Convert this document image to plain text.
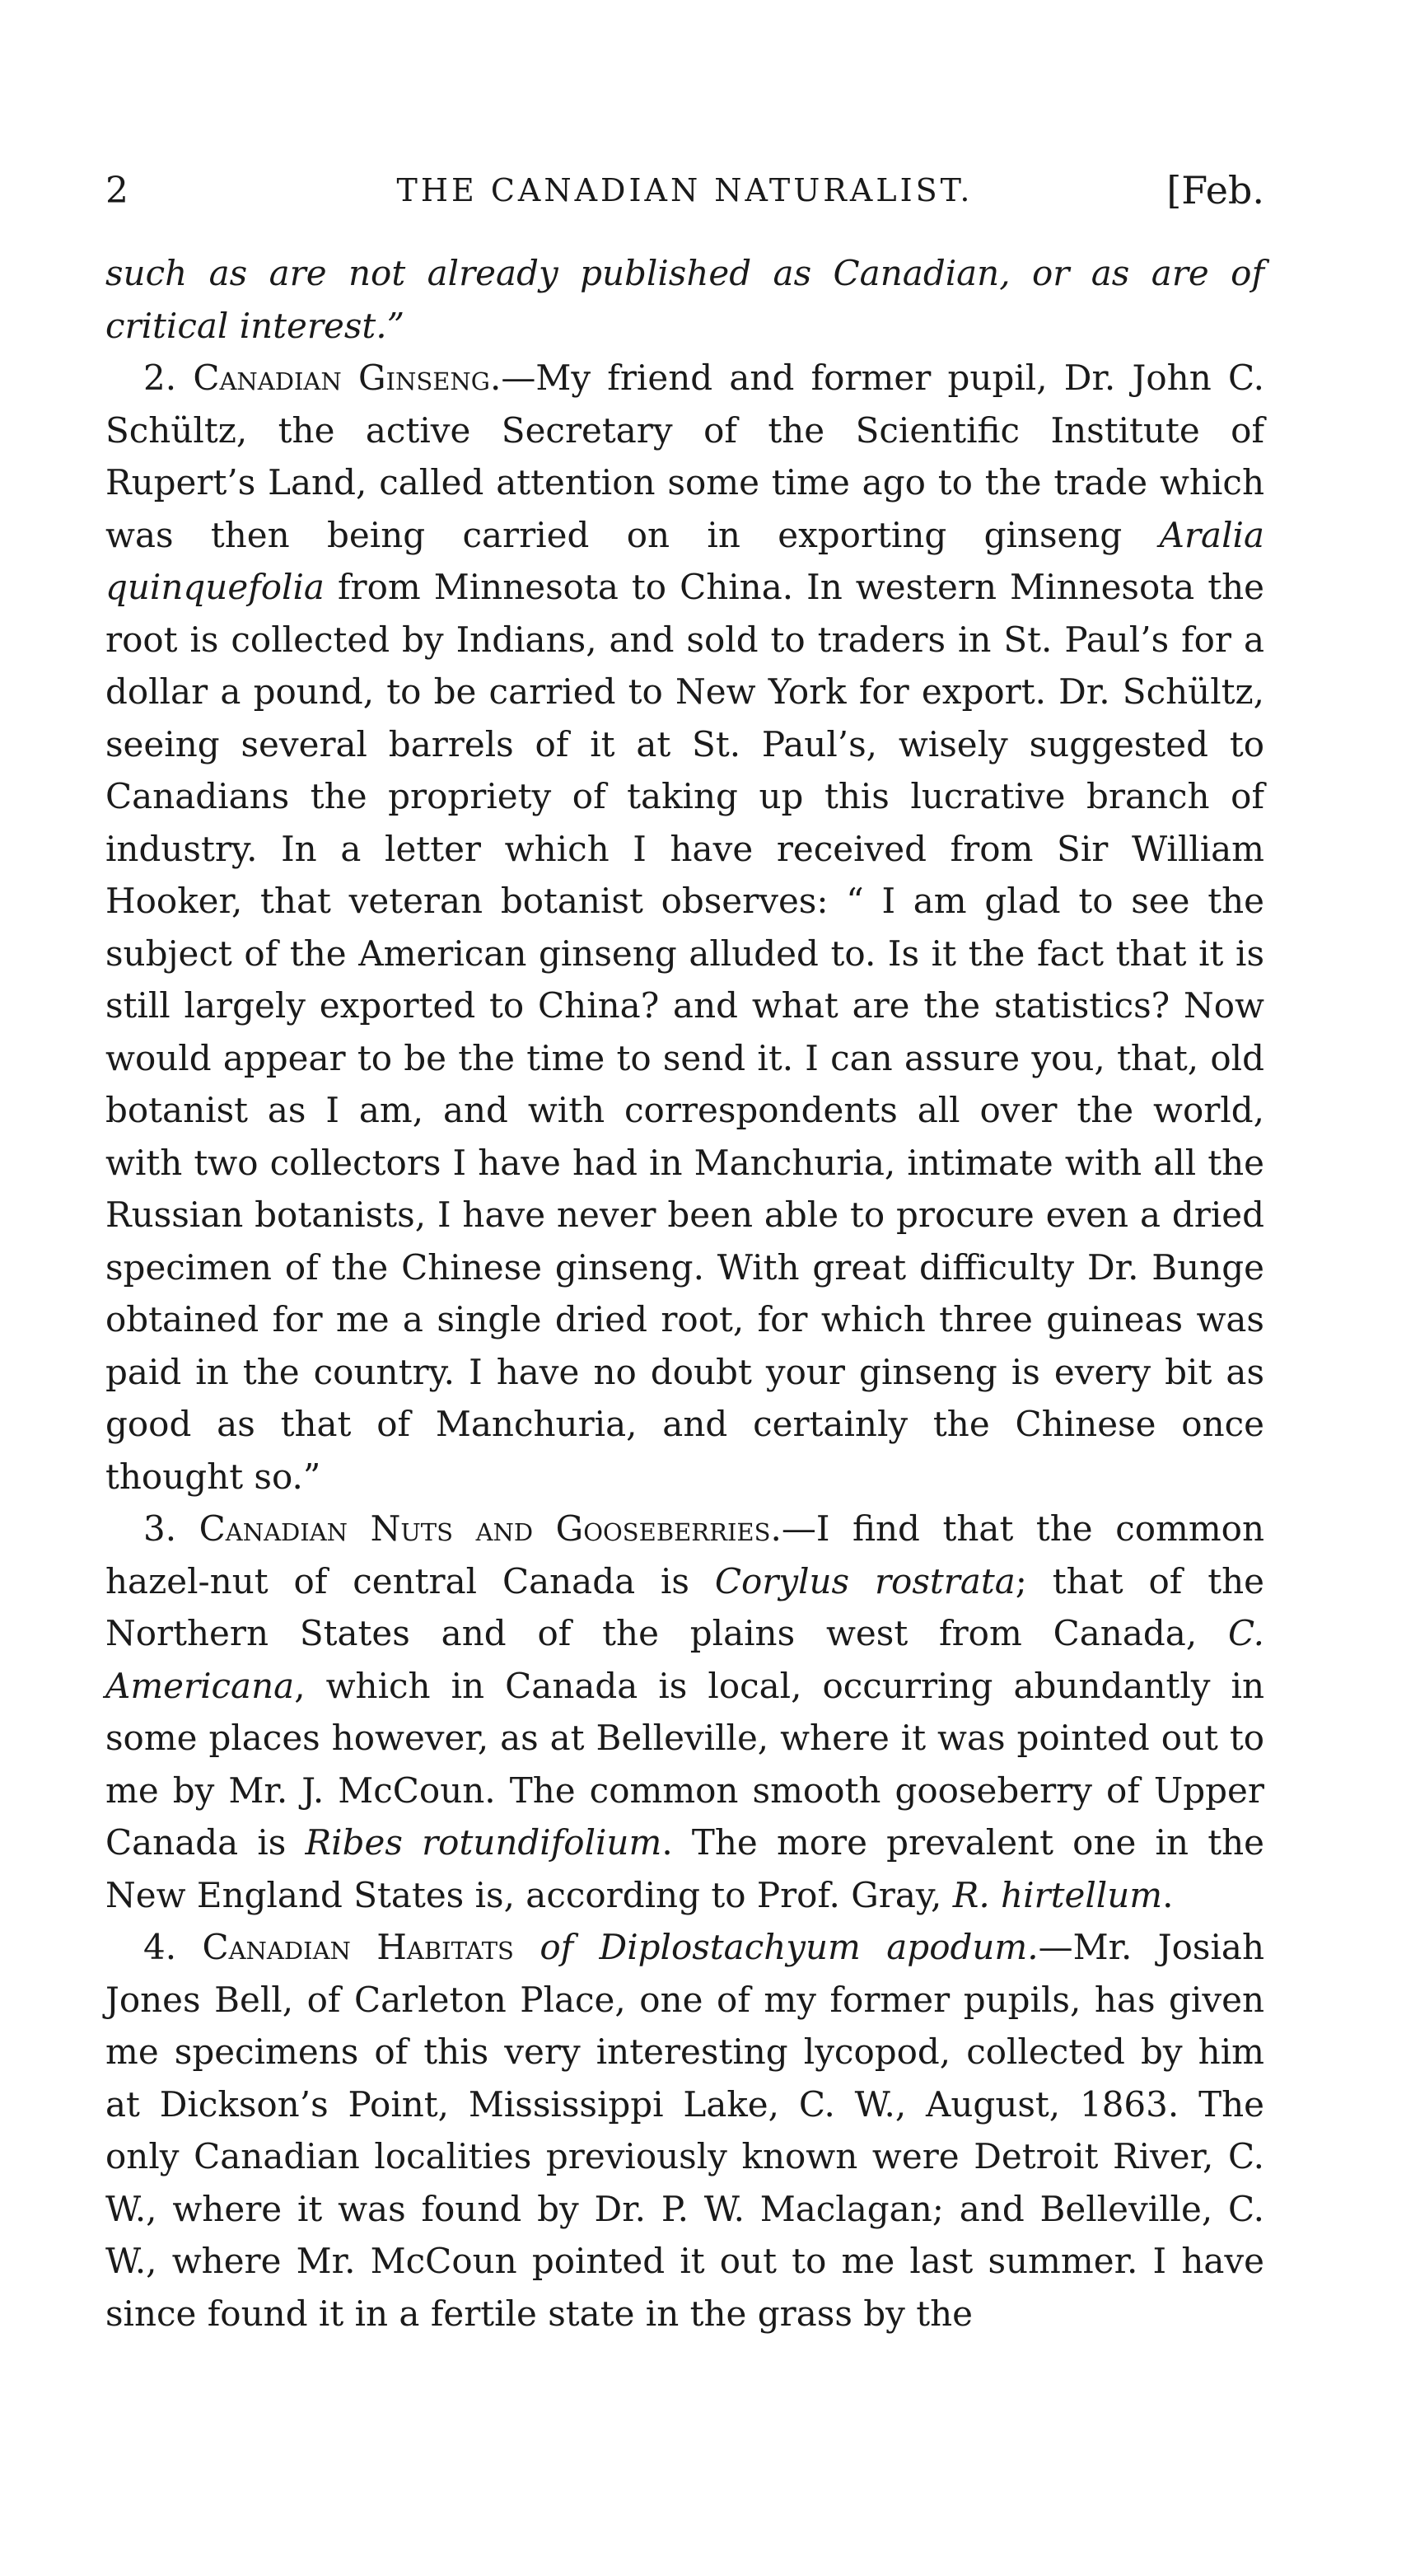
2	THE CANADIAN NATURALIST.	[Feb.

such as are not already published as Canadian, or as are of critical interest.”

2. Canadian Ginseng.—My friend and former pupil, Dr. John C. Schültz, the active Secretary of the Scientific Institute of Rupert’s Land, called attention some time ago to the trade which was then being carried on in exporting ginseng Aralia quinquefolia from Minnesota to China. In western Minnesota the root is collected by Indians, and sold to traders in St. Paul’s for a dollar a pound, to be carried to New York for export. Dr. Schültz, seeing several barrels of it at St. Paul’s, wisely suggested to Canadians the propriety of taking up this lucrative branch of industry. In a letter which I have received from Sir William Hooker, that veteran botanist observes: “ I am glad to see the subject of the American ginseng alluded to. Is it the fact that it is still largely exported to China? and what are the statistics? Now would appear to be the time to send it. I can assure you, that, old botanist as I am, and with correspondents all over the world, with two collectors I have had in Manchuria, intimate with all the Russian botanists, I have never been able to procure even a dried specimen of the Chinese ginseng. With great difficulty Dr. Bunge obtained for me a single dried root, for which three guineas was paid in the country. I have no doubt your ginseng is every bit as good as that of Manchuria, and certainly the Chinese once thought so.”

3. Canadian Nuts and Gooseberries.—I find that the common hazel-nut of central Canada is Corylus rostrata; that of the Northern States and of the plains west from Canada, C. Americana, which in Canada is local, occurring abundantly in some places however, as at Belleville, where it was pointed out to me by Mr. J. McCoun. The common smooth gooseberry of Upper Canada is Ribes rotundifolium. The more prevalent one in the New England States is, according to Prof. Gray, R. hirtellum.

4. Canadian Habitats of Diplostachyum apodum.—Mr. Josiah Jones Bell, of Carleton Place, one of my former pupils, has given me specimens of this very interesting lycopod, collected by him at Dickson’s Point, Mississippi Lake, C. W., August, 1863. The only Canadian localities previously known were Detroit River, C. W., where it was found by Dr. P. W. Maclagan; and Belleville, C. W., where Mr. McCoun pointed it out to me last summer. I have since found it in a fertile state in the grass by the
